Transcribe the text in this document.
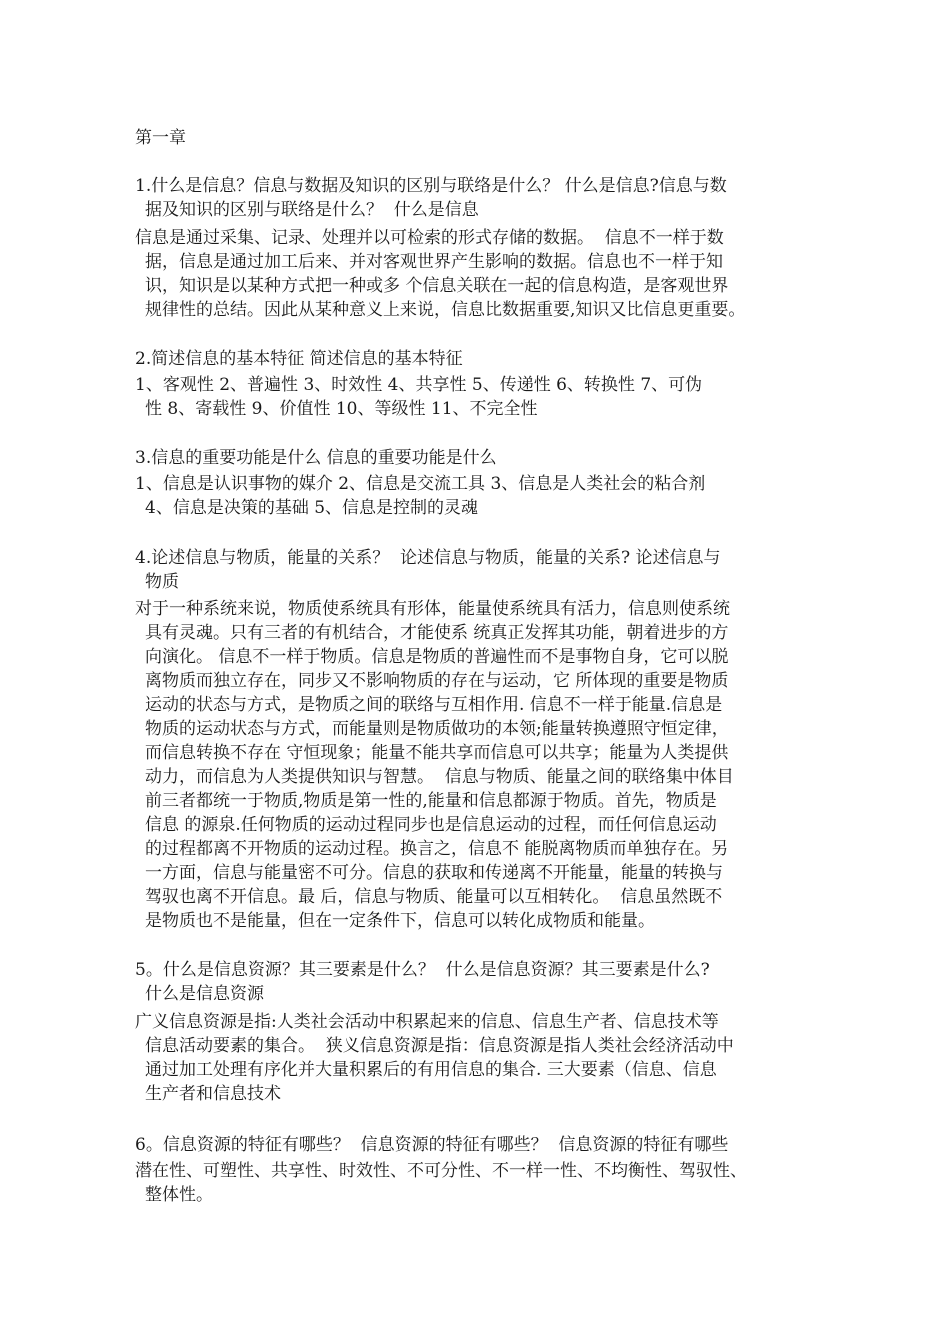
第一章
1.什么是信息？信息与数据及知识的区别与联络是什么？ 什么是信息?信息与数
据及知识的区别与联络是什么？  什么是信息
信息是通过采集、记录、处理并以可检索的形式存储的数据。  信息不一样于数
据，信息是通过加工后来、并对客观世界产生影响的数据。信息也不一样于知
识，知识是以某种方式把一种或多 个信息关联在一起的信息构造，是客观世界
规律性的总结。因此从某种意义上来说，信息比数据重要,知识又比信息更重要。
2.简述信息的基本特征 简述信息的基本特征
1、客观性 2、普遍性 3、时效性 4、共享性 5、传递性 6、转换性 7、可伪
性 8、寄载性 9、价值性 10、等级性 11、不完全性
3.信息的重要功能是什么 信息的重要功能是什么
1、信息是认识事物的媒介 2、信息是交流工具 3、信息是人类社会的粘合剂
4、信息是决策的基础 5、信息是控制的灵魂
4.论述信息与物质，能量的关系？  论述信息与物质，能量的关系? 论述信息与
物质
对于一种系统来说，物质使系统具有形体，能量使系统具有活力，信息则使系统
具有灵魂。只有三者的有机结合，才能使系 统真正发挥其功能，朝着进步的方
向演化。 信息不一样于物质。信息是物质的普遍性而不是事物自身，它可以脱
离物质而独立存在，同步又不影响物质的存在与运动，它 所体现的重要是物质
运动的状态与方式，是物质之间的联络与互相作用. 信息不一样于能量.信息是
物质的运动状态与方式，而能量则是物质做功的本领;能量转换遵照守恒定律，
而信息转换不存在 守恒现象；能量不能共享而信息可以共享；能量为人类提供
动力，而信息为人类提供知识与智慧。  信息与物质、能量之间的联络集中体目
前三者都统一于物质,物质是第一性的,能量和信息都源于物质。首先，物质是
信息 的源泉.任何物质的运动过程同步也是信息运动的过程，而任何信息运动
的过程都离不开物质的运动过程。换言之，信息不 能脱离物质而单独存在。另
一方面，信息与能量密不可分。信息的获取和传递离不开能量，能量的转换与
驾驭也离不开信息。最 后，信息与物质、能量可以互相转化。  信息虽然既不
是物质也不是能量，但在一定条件下，信息可以转化成物质和能量。
5。什么是信息资源？其三要素是什么？  什么是信息资源？其三要素是什么?
什么是信息资源
广义信息资源是指:人类社会活动中积累起来的信息、信息生产者、信息技术等
信息活动要素的集合。  狭义信息资源是指：信息资源是指人类社会经济活动中
通过加工处理有序化并大量积累后的有用信息的集合. 三大要素（信息、信息
生产者和信息技术
6。信息资源的特征有哪些？  信息资源的特征有哪些？  信息资源的特征有哪些
潜在性、可塑性、共享性、时效性、不可分性、不一样一性、不均衡性、驾驭性、
整体性。
